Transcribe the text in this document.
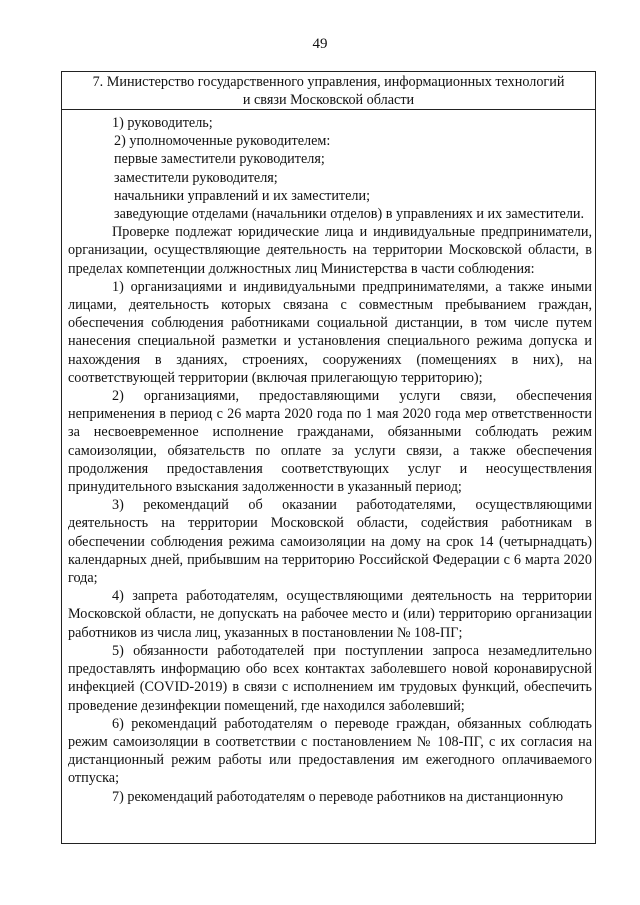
49
7. Министерство государственного управления, информационных технологий
и связи Московской области

1) руководитель;

2) уполномоченные руководителем:

первые заместители руководителя;

заместители руководителя;

начальники управлений и их заместители;

заведующие отделами (начальники отделов) в управлениях и их заместители.

Проверке подлежат юридические лица и индивидуальные предприниматели, организации, осуществляющие деятельность на территории Московской области, в пределах компетенции должностных лиц Министерства в части соблюдения:

1) организациями и индивидуальными предпринимателями, а также иными лицами, деятельность которых связана с совместным пребыванием граждан, обеспечения соблюдения работниками социальной дистанции, в том числе путем нанесения специальной разметки и установления специального режима допуска и нахождения в зданиях, строениях, сооружениях (помещениях в них), на соответствующей территории (включая прилегающую территорию);

2) организациями, предоставляющими услуги связи, обеспечения неприменения в период с 26 марта 2020 года по 1 мая 2020 года мер ответственности за несвоевременное исполнение гражданами, обязанными соблюдать режим самоизоляции, обязательств по оплате за услуги связи, а также обеспечения продолжения предоставления соответствующих услуг и неосуществления принудительного взыскания задолженности в указанный период;

3) рекомендаций об оказании работодателями, осуществляющими деятельность на территории Московской области, содействия работникам в обеспечении соблюдения режима самоизоляции на дому на срок 14 (четырнадцать) календарных дней, прибывшим на территорию Российской Федерации с 6 марта 2020 года;

4) запрета работодателям, осуществляющими деятельность на территории Московской области, не допускать на рабочее место и (или) территорию организации работников из числа лиц, указанных в постановлении № 108-ПГ;

5) обязанности работодателей при поступлении запроса незамедлительно предоставлять информацию обо всех контактах заболевшего новой коронавирусной инфекцией (COVID-2019) в связи с исполнением им трудовых функций, обеспечить проведение дезинфекции помещений, где находился заболевший;

6) рекомендаций работодателям о переводе граждан, обязанных соблюдать режим самоизоляции в соответствии с постановлением № 108-ПГ, с их согласия на дистанционный режим работы или предоставления им ежегодного оплачиваемого отпуска;

7) рекомендаций работодателям о переводе работников на дистанционную
